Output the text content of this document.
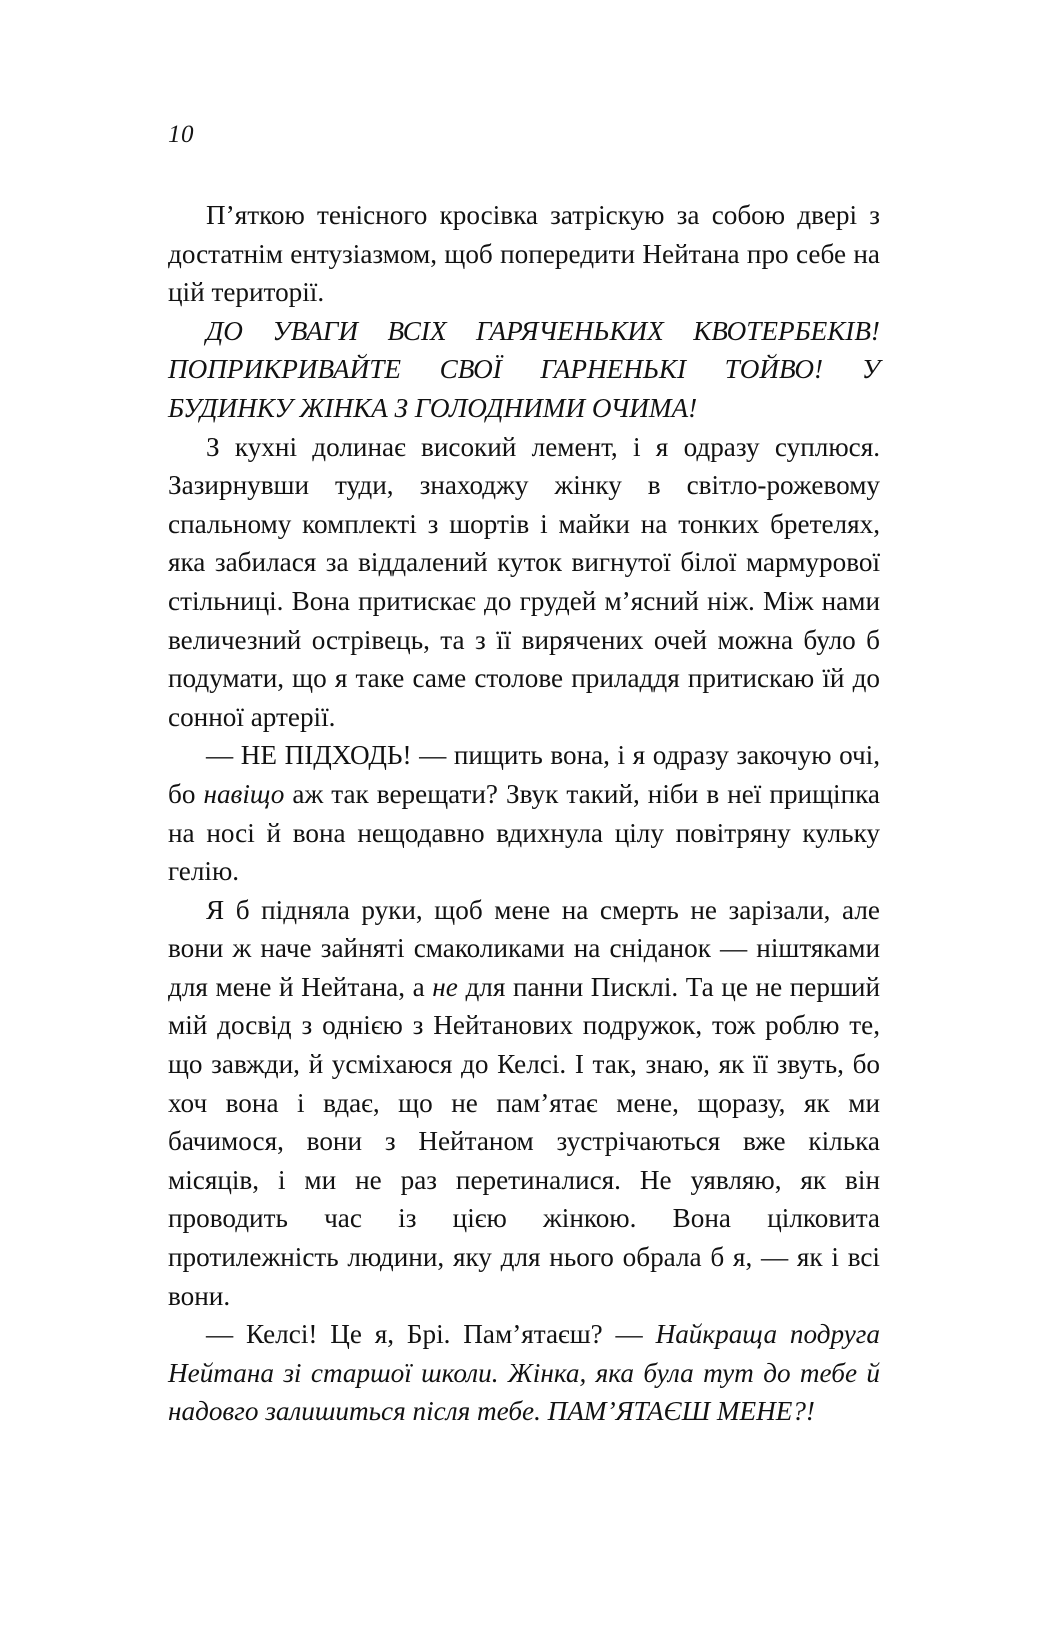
10

П’яткою тенісного кросівка затріскую за собою двері з достатнім ентузіазмом, щоб попередити Нейтана про себе на цій території.

ДО УВАГИ ВСІХ ГАРЯЧЕНЬКИХ КВОТЕРБЕКІВ! ПОПРИКРИВАЙТЕ СВОЇ ГАРНЕНЬКІ ТОЙВО! У БУДИНКУ ЖІНКА З ГОЛОДНИМИ ОЧИМА!

З кухні долинає високий лемент, і я одразу суплюся. Зазирнувши туди, знаходжу жінку в світло-рожевому спальному комплекті з шортів і майки на тонких бретелях, яка забилася за віддалений куток вигнутої білої мармурової стільниці. Вона притискає до грудей м’ясний ніж. Між нами величезний острівець, та з її вирячених очей можна було б подумати, що я таке саме столове приладдя притискаю їй до сонної артерії.

— НЕ ПІДХОДЬ! — пищить вона, і я одразу закочую очі, бо навіщо аж так верещати? Звук такий, ніби в неї прищіпка на носі й вона нещодавно вдихнула цілу повітряну кульку гелію.

Я б підняла руки, щоб мене на смерть не зарізали, але вони ж наче зайняті смаколиками на сніданок — ніштяками для мене й Нейтана, а не для панни Писклі. Та це не перший мій досвід з однією з Нейтанових подружок, тож роблю те, що завжди, й усміхаюся до Келсі. І так, знаю, як її звуть, бо хоч вона і вдає, що не пам’ятає мене, щоразу, як ми бачимося, вони з Нейтаном зустрічаються вже кілька місяців, і ми не раз перетиналися. Не уявляю, як він проводить час із цією жінкою. Вона цілковита протилежність людини, яку для нього обрала б я, — як і всі вони.

— Келсі! Це я, Брі. Пам’ятаєш? — Найкраща подруга Нейтана зі старшої школи. Жінка, яка була тут до тебе й надовго залишиться після тебе. ПАМ’ЯТАЄШ МЕНЕ?!
